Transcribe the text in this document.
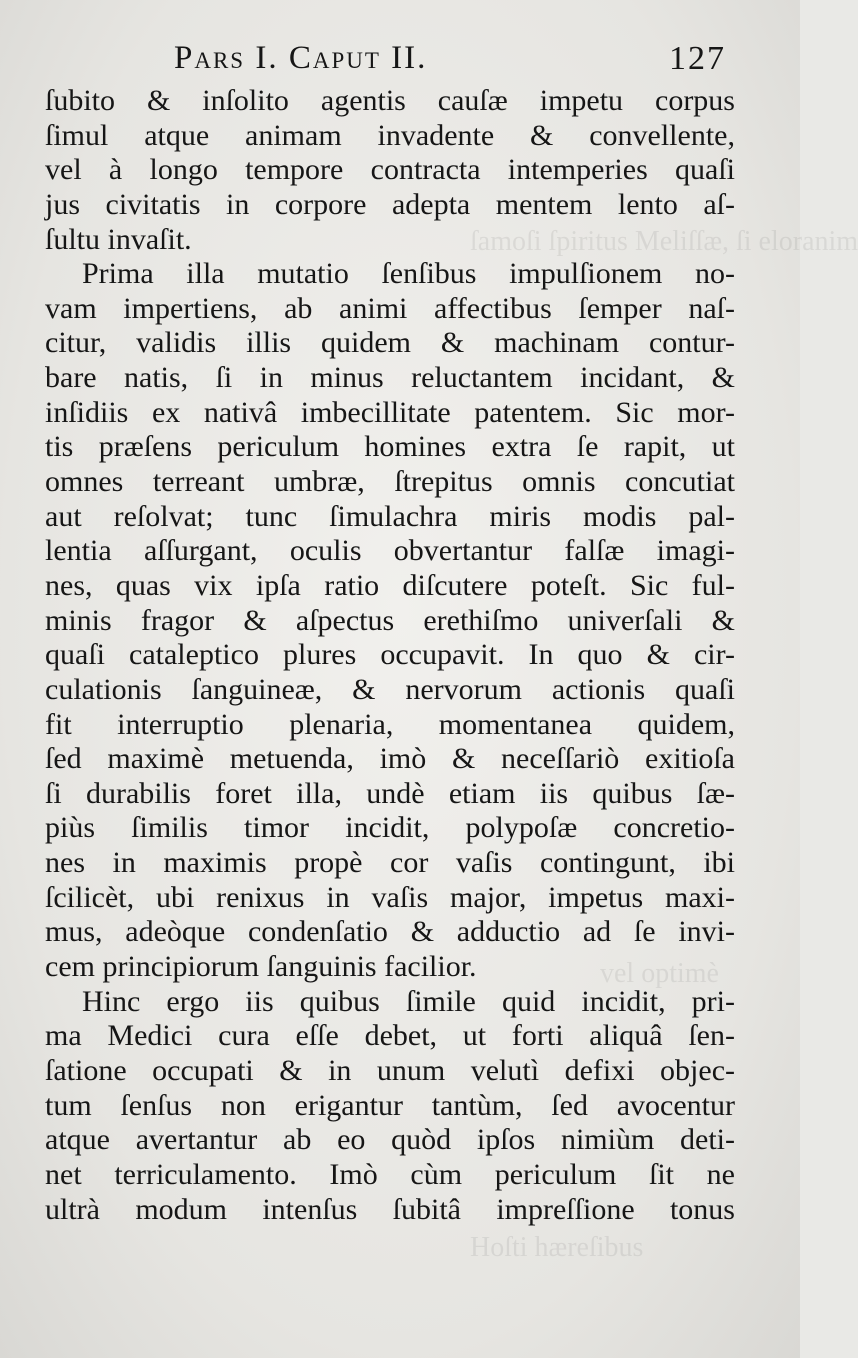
ſamoſi ſpiritus Meliſſæ, ſi eloranim
vel optimè
Hoſti hæreſibus
Pars I. Caput II.	127
ſubito & inſolito agentis cauſæ impetu corpus
ſimul atque animam invadente & convellente,
vel à longo tempore contracta intemperies quaſi
jus civitatis in corpore adepta mentem lento aſ-
ſultu invaſit.
Prima illa mutatio ſenſibus impulſionem no-
vam impertiens, ab animi affectibus ſemper naſ-
citur, validis illis quidem & machinam contur-
bare natis, ſi in minus reluctantem incidant, &
inſidiis ex nativâ imbecillitate patentem. Sic mor-
tis præſens periculum homines extra ſe rapit, ut
omnes terreant umbræ, ſtrepitus omnis concutiat
aut reſolvat; tunc ſimulachra miris modis pal-
lentia aſſurgant, oculis obvertantur falſæ imagi-
nes, quas vix ipſa ratio diſcutere poteſt. Sic ful-
minis fragor & aſpectus erethiſmo univerſali &
quaſi cataleptico plures occupavit. In quo & cir-
culationis ſanguineæ, & nervorum actionis quaſi
fit interruptio plenaria, momentanea quidem,
ſed maximè metuenda, imò & neceſſariò exitioſa
ſi durabilis foret illa, undè etiam iis quibus ſæ-
piùs ſimilis timor incidit, polypoſæ concretio-
nes in maximis propè cor vaſis contingunt, ibi
ſcilicèt, ubi renixus in vaſis major, impetus maxi-
mus, adeòque condenſatio & adductio ad ſe invi-
cem principiorum ſanguinis facilior.
Hinc ergo iis quibus ſimile quid incidit, pri-
ma Medici cura eſſe debet, ut forti aliquâ ſen-
ſatione occupati & in unum velutì defixi objec-
tum ſenſus non erigantur tantùm, ſed avocentur
atque avertantur ab eo quòd ipſos nimiùm deti-
net terriculamento. Imò cùm periculum ſit ne
ultrà modum intenſus ſubitâ impreſſione tonus
